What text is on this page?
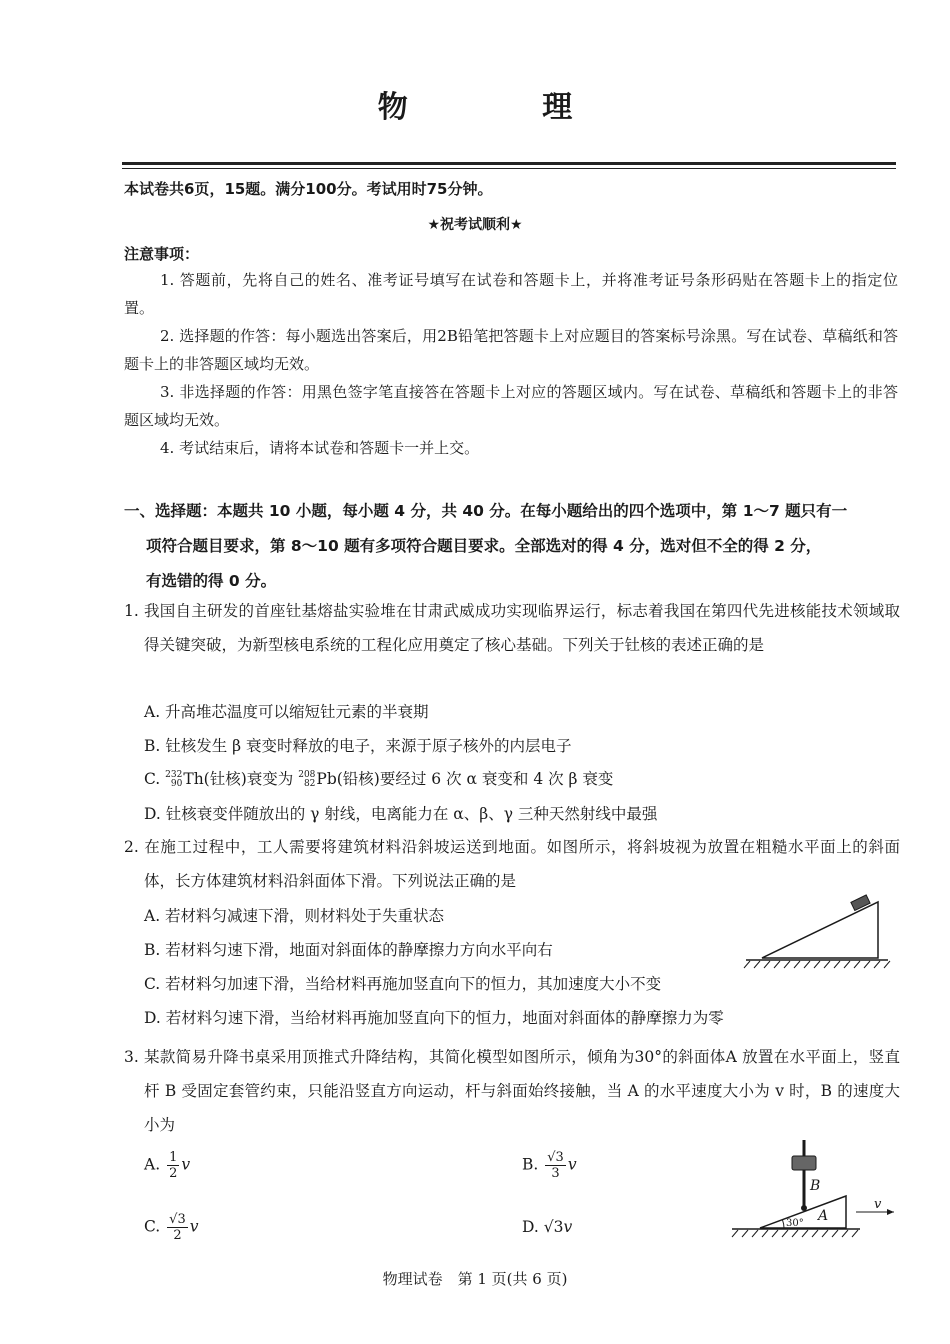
物 理
本试卷共6页，15题。满分100分。考试用时75分钟。
★祝考试顺利★
注意事项：

1. 答题前，先将自己的姓名、准考证号填写在试卷和答题卡上，并将准考证号条形码贴在答题卡上的指定位置。

2. 选择题的作答：每小题选出答案后，用2B铅笔把答题卡上对应题目的答案标号涂黑。写在试卷、草稿纸和答题卡上的非答题区域均无效。

3. 非选择题的作答：用黑色签字笔直接答在答题卡上对应的答题区域内。写在试卷、草稿纸和答题卡上的非答题区域均无效。

4. 考试结束后，请将本试卷和答题卡一并上交。

一、选择题：本题共 10 小题，每小题 4 分，共 40 分。在每小题给出的四个选项中，第 1～7 题只有一
项符合题目要求，第 8～10 题有多项符合题目要求。全部选对的得 4 分，选对但不全的得 2 分，
有选错的得 0 分。

1. 我国自主研发的首座钍基熔盐实验堆在甘肃武威成功实现临界运行，标志着我国在第四代先进核能技术领域取得关键突破，为新型核电系统的工程化应用奠定了核心基础。下列关于钍核的表述正确的是

A. 升高堆芯温度可以缩短钍元素的半衰期
B. 钍核发生 β 衰变时释放的电子，来源于原子核外的内层电子
C. 232
90 Th(钍核)衰变为 208
82 Pb(铅核)要经过 6 次 α 衰变和 4 次 β 衰变
D. 钍核衰变伴随放出的 γ 射线，电离能力在 α、β、γ 三种天然射线中最强

2. 在施工过程中，工人需要将建筑材料沿斜坡运送到地面。如图所示，将斜坡视为放置在粗糙水平面上的斜面体，长方体建筑材料沿斜面体下滑。下列说法正确的是

A. 若材料匀减速下滑，则材料处于失重状态
B. 若材料匀速下滑，地面对斜面体的静摩擦力方向水平向右
C. 若材料匀加速下滑，当给材料再施加竖直向下的恒力，其加速度大小不变
D. 若材料匀速下滑，当给材料再施加竖直向下的恒力，地面对斜面体的静摩擦力为零

3. 某款简易升降书桌采用顶推式升降结构，其简化模型如图所示，倾角为30°的斜面体A 放置在水平面上，竖直杆 B 受固定套管约束，只能沿竖直方向运动，杆与斜面始终接触，当 A 的水平速度大小为 v 时，B 的速度大小为

A. $\frac{1}{2}$ v	B. $\frac{√3}{3}$ v
C. $\frac{√3}{2}$ v	D. √3v
B
A
30°
v
物理试卷　第 1 页(共 6 页)
